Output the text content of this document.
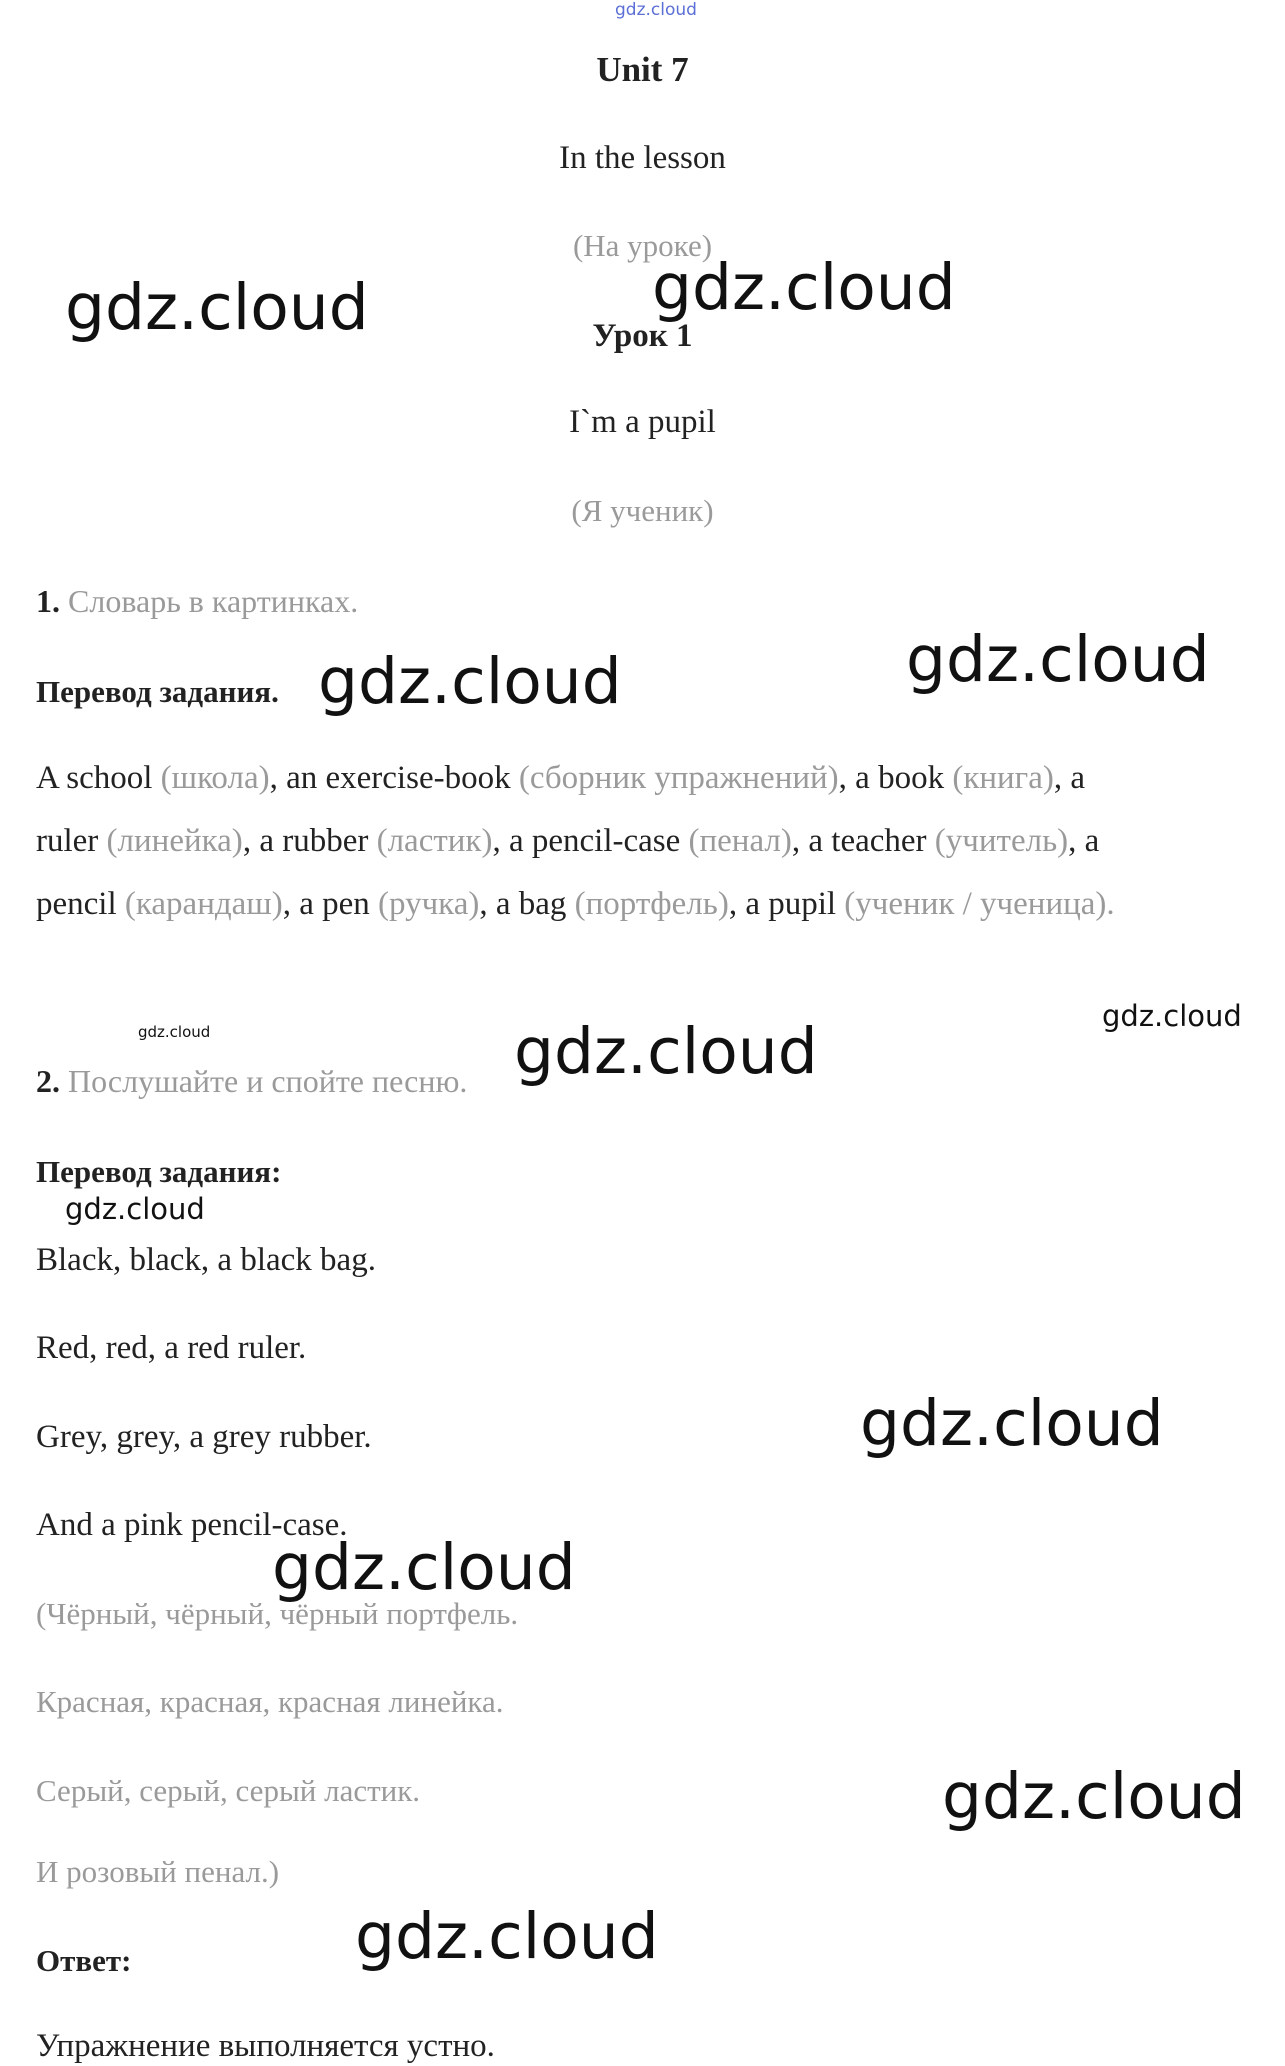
Unit 7
In the lesson
(На уроке)
Урок 1
I`m a pupil
(Я ученик)
1. Словарь в картинках.
Перевод задания.
A school (школа), an exercise-book (сборник упражнений), a book (книга), a
ruler (линейка), a rubber (ластик), a pencil-case (пенал), a teacher (учитель), a
pencil (карандаш), a pen (ручка), a bag (портфель), a pupil (ученик / ученица).
2. Послушайте и спойте песню.
Перевод задания:
Black, black, a black bag.
Red, red, a red ruler.
Grey, grey, a grey rubber.
And a pink pencil-case.
(Чёрный, чёрный, чёрный портфель.
Красная, красная, красная линейка.
Серый, серый, серый ластик.
И розовый пенал.)
Ответ:
Упражнение выполняется устно.
gdz.cloud
gdz.cloud	gdz.cloud
gdz.cloud
gdz.cloud
gdz.cloud	gdz.cloud
gdz.cloud
gdz.cloud
gdz.cloud
gdz.cloud
gdz.cloud
gdz.cloud
